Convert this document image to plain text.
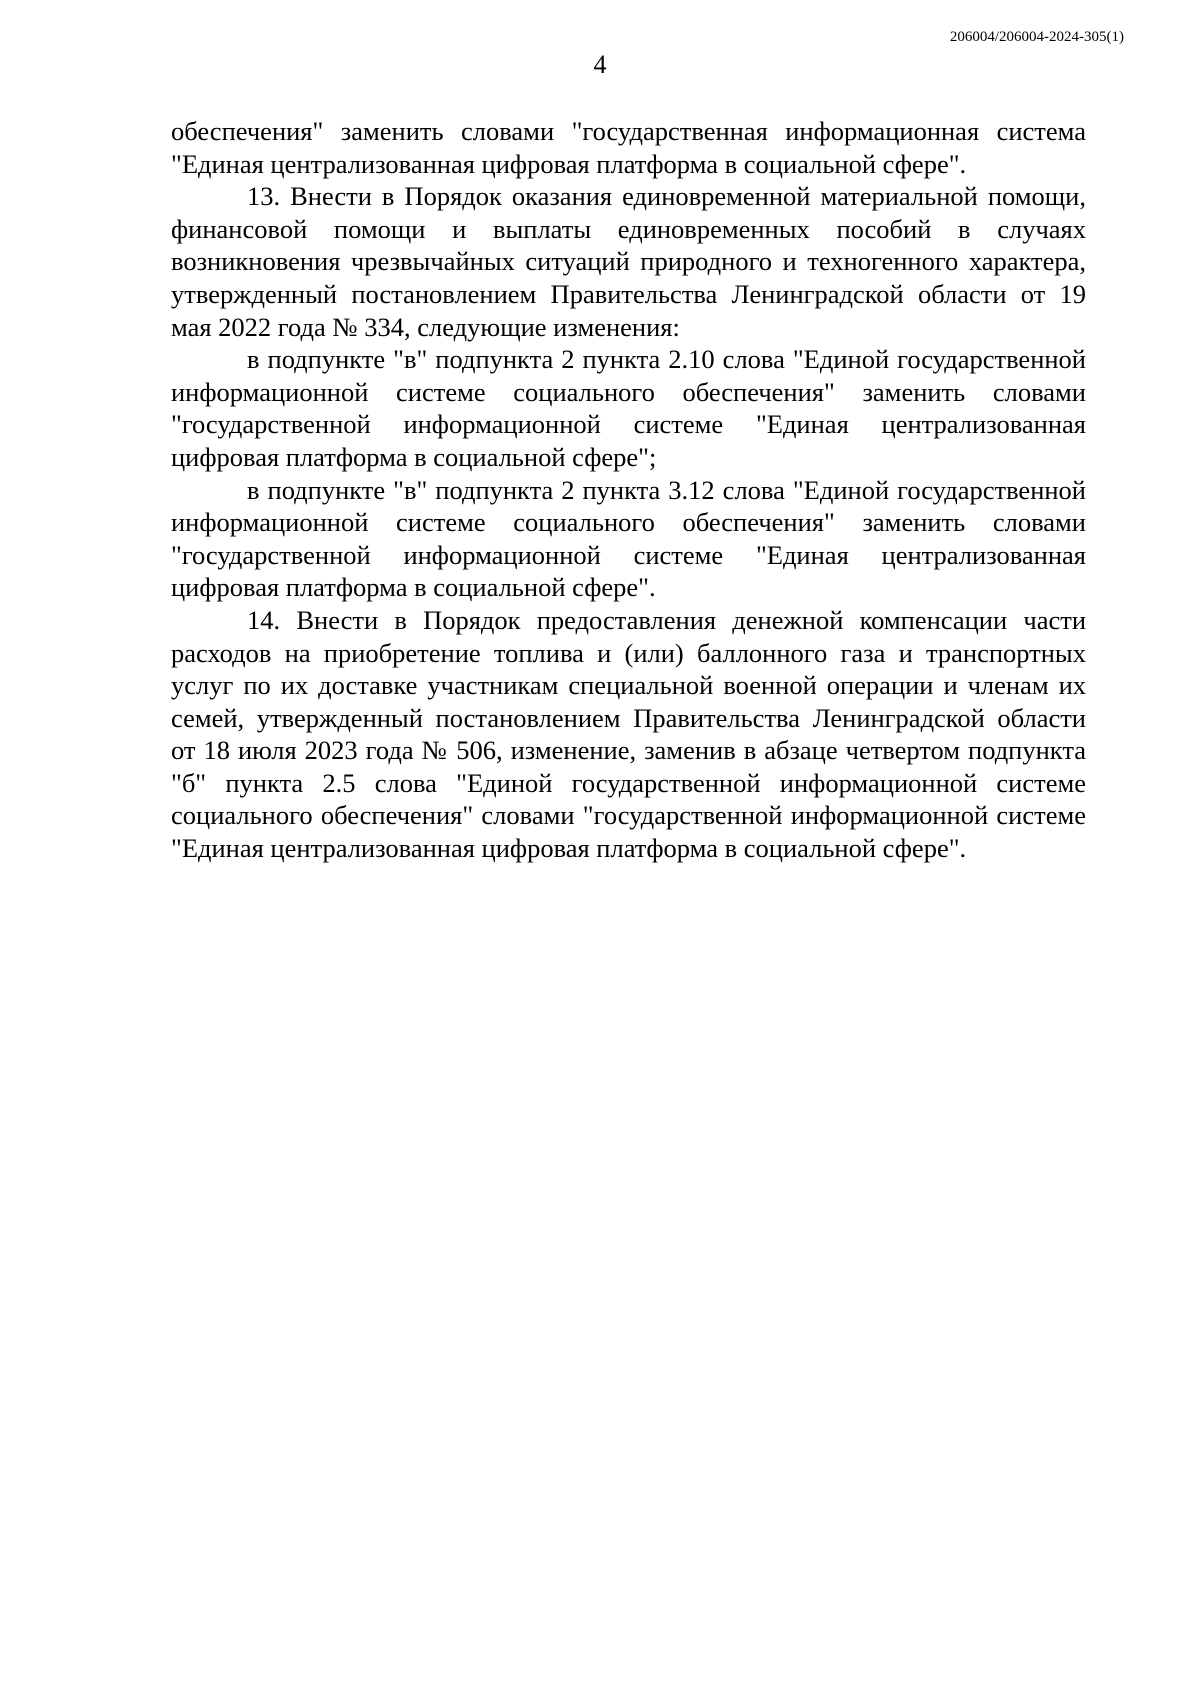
206004/206004-2024-305(1)
4

обеспечения" заменить словами "государственная информационная система "Единая централизованная цифровая платформа в социальной сфере".

13. Внести в Порядок оказания единовременной материальной помощи, финансовой помощи и выплаты единовременных пособий в случаях возникновения чрезвычайных ситуаций природного и техногенного характера, утвержденный постановлением Правительства Ленинградской области от 19 мая 2022 года № 334, следующие изменения:

в подпункте "в" подпункта 2 пункта 2.10 слова "Единой государственной информационной системе социального обеспечения" заменить словами "государственной информационной системе "Единая централизованная цифровая платформа в социальной сфере";

в подпункте "в" подпункта 2 пункта 3.12 слова "Единой государственной информационной системе социального обеспечения" заменить словами "государственной информационной системе "Единая централизованная цифровая платформа в социальной сфере".

14. Внести в Порядок предоставления денежной компенсации части расходов на приобретение топлива и (или) баллонного газа и транспортных услуг по их доставке участникам специальной военной операции и членам их семей, утвержденный постановлением Правительства Ленинградской области от 18 июля 2023 года № 506, изменение, заменив в абзаце четвертом подпункта "б" пункта 2.5 слова "Единой государственной информационной системе социального обеспечения" словами "государственной информационной системе "Единая централизованная цифровая платформа в социальной сфере".
